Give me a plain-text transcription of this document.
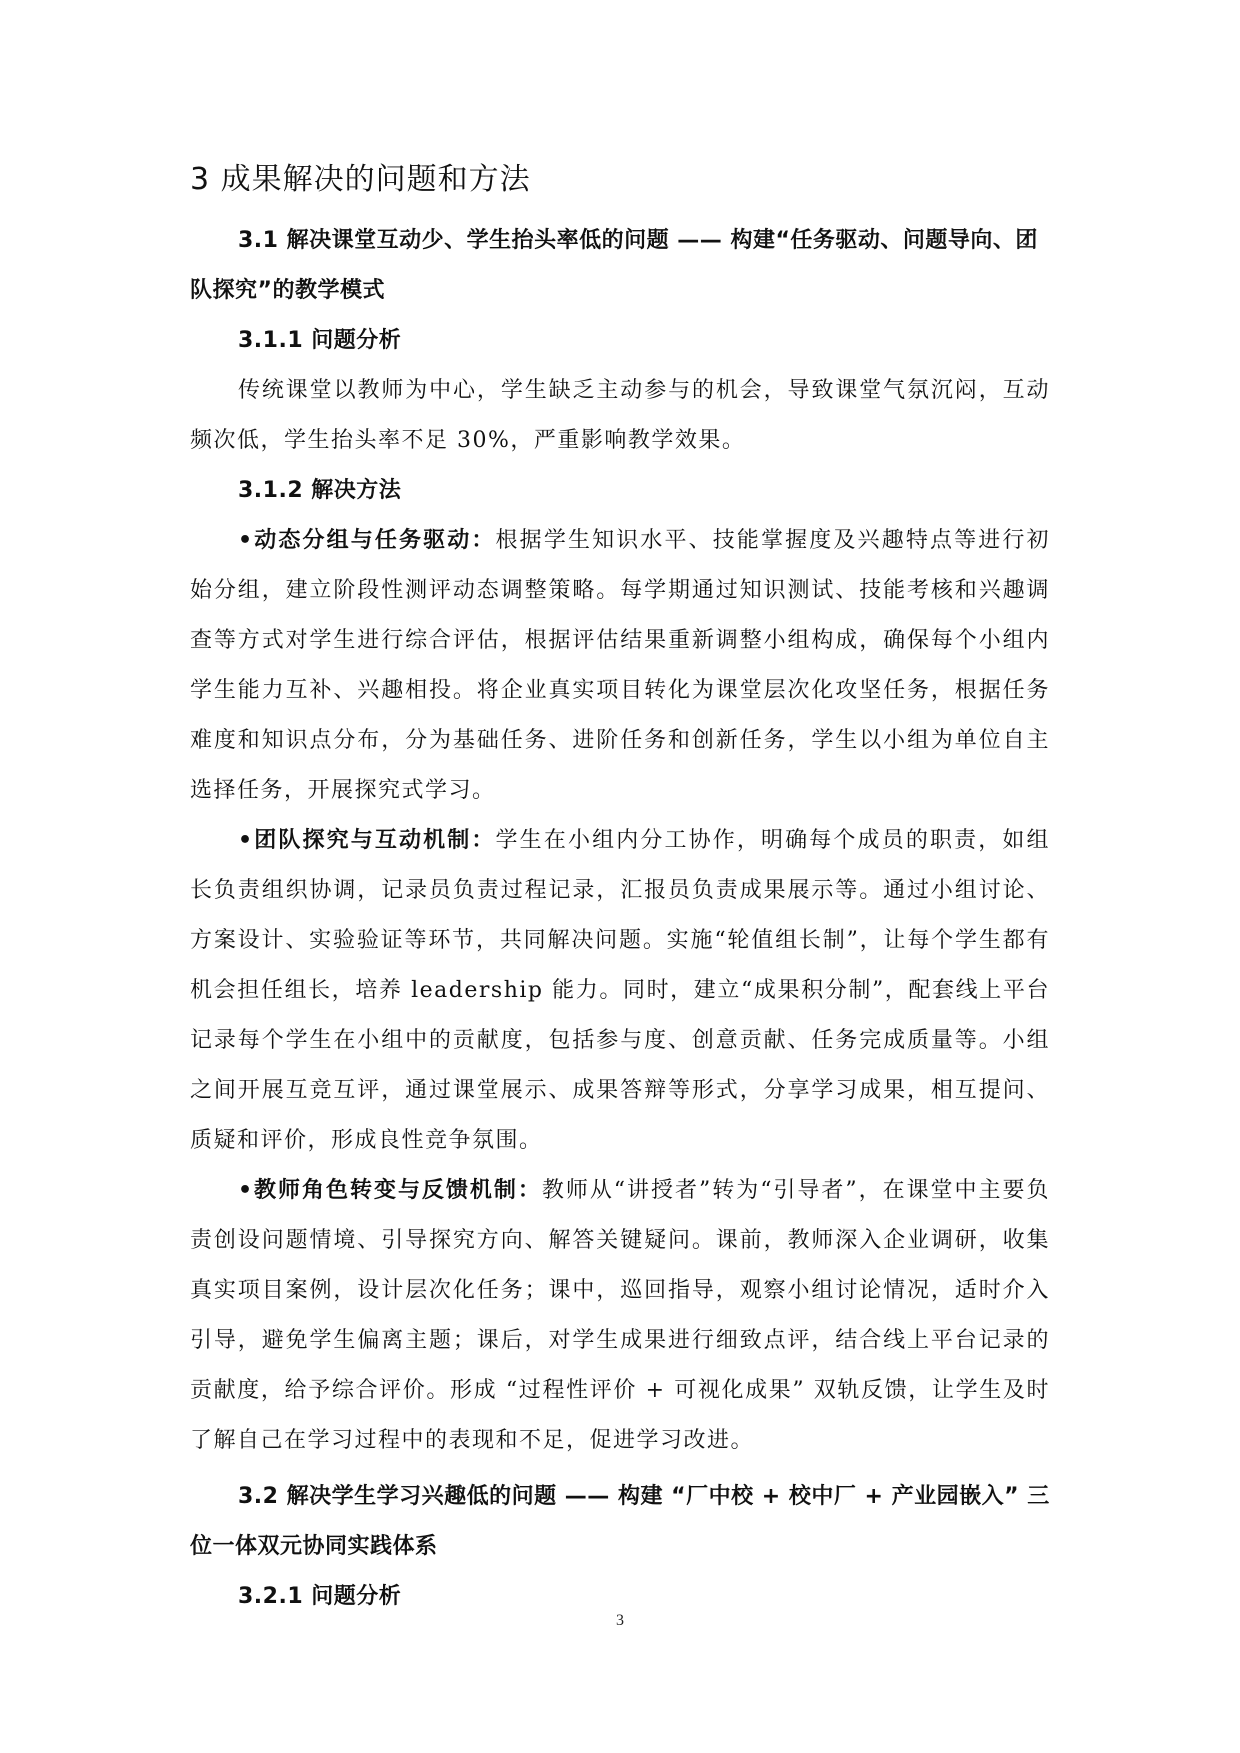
3 成果解决的问题和方法
3.1 解决课堂互动少、学生抬头率低的问题 —— 构建“任务驱动、问题导向、团队探究”的教学模式
3.1.1 问题分析

传统课堂以教师为中心，学生缺乏主动参与的机会，导致课堂气氛沉闷，互动频次低，学生抬头率不足 30%，严重影响教学效果。

3.1.2 解决方法

•动态分组与任务驱动：根据学生知识水平、技能掌握度及兴趣特点等进行初始分组，建立阶段性测评动态调整策略。每学期通过知识测试、技能考核和兴趣调查等方式对学生进行综合评估，根据评估结果重新调整小组构成，确保每个小组内学生能力互补、兴趣相投。将企业真实项目转化为课堂层次化攻坚任务，根据任务难度和知识点分布，分为基础任务、进阶任务和创新任务，学生以小组为单位自主选择任务，开展探究式学习。

•团队探究与互动机制：学生在小组内分工协作，明确每个成员的职责，如组长负责组织协调，记录员负责过程记录，汇报员负责成果展示等。通过小组讨论、方案设计、实验验证等环节，共同解决问题。实施“轮值组长制”，让每个学生都有机会担任组长，培养 leadership 能力。同时，建立“成果积分制”，配套线上平台记录每个学生在小组中的贡献度，包括参与度、创意贡献、任务完成质量等。小组之间开展互竞互评，通过课堂展示、成果答辩等形式，分享学习成果，相互提问、质疑和评价，形成良性竞争氛围。

•教师角色转变与反馈机制：教师从“讲授者”转为“引导者”，在课堂中主要负责创设问题情境、引导探究方向、解答关键疑问。课前，教师深入企业调研，收集真实项目案例，设计层次化任务；课中，巡回指导，观察小组讨论情况，适时介入引导，避免学生偏离主题；课后，对学生成果进行细致点评，结合线上平台记录的贡献度，给予综合评价。形成 “过程性评价 + 可视化成果” 双轨反馈，让学生及时了解自己在学习过程中的表现和不足，促进学习改进。

3.2 解决学生学习兴趣低的问题 —— 构建 “厂中校 + 校中厂 + 产业园嵌入” 三位一体双元协同实践体系
3.2.1 问题分析
3
